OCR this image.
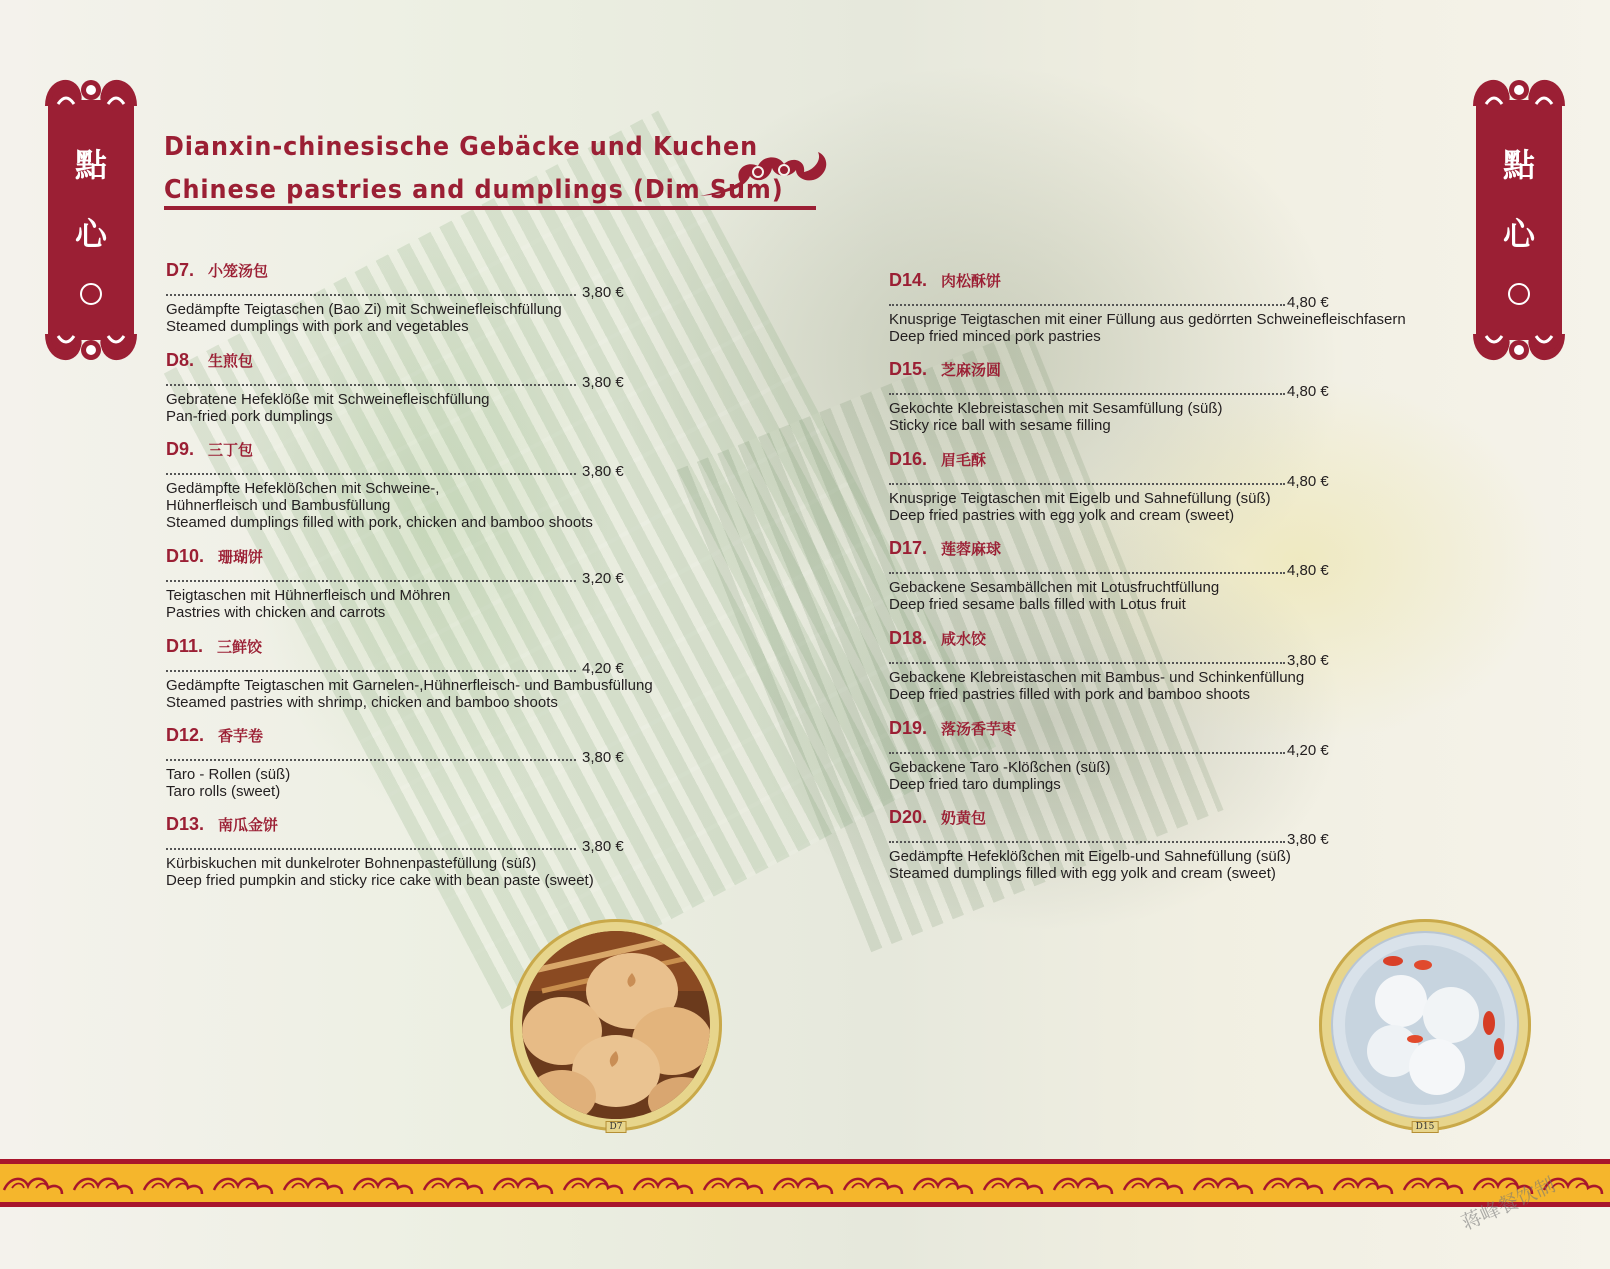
點
心
點
心
Dianxin-chinesische Gebäcke und Kuchen
Chinese pastries and dumplings (Dim Sum)
D7. 小笼汤包
3,80 €
Gedämpfte Teigtaschen (Bao Zi) mit Schweinefleischfüllung
Steamed dumplings with pork and vegetables
D8. 生煎包
3,80 €
Gebratene Hefeklöße mit Schweinefleischfüllung
Pan-fried pork dumplings
D9. 三丁包
3,80 €
Gedämpfte Hefeklößchen mit Schweine-,
Hühnerfleisch und Bambusfüllung
Steamed dumplings filled with pork, chicken and bamboo shoots
D10. 珊瑚饼
3,20 €
Teigtaschen mit Hühnerfleisch und Möhren
Pastries with chicken and carrots
D11. 三鲜饺
4,20 €
Gedämpfte Teigtaschen mit Garnelen-,Hühnerfleisch- und Bambusfüllung
Steamed pastries with shrimp, chicken and bamboo shoots
D12. 香芋卷
3,80 €
Taro - Rollen (süß)
Taro rolls (sweet)
D13. 南瓜金饼
3,80 €
Kürbiskuchen mit dunkelroter Bohnenpastefüllung (süß)
Deep fried pumpkin and sticky rice cake with bean paste (sweet)
D14. 肉松酥饼
4,80 €
Knusprige Teigtaschen mit einer Füllung aus gedörrten Schweinefleischfasern
Deep fried minced pork pastries
D15. 芝麻汤圆
4,80 €
Gekochte Klebreistaschen mit Sesamfüllung (süß)
Sticky rice ball with sesame filling
D16. 眉毛酥
4,80 €
Knusprige Teigtaschen mit Eigelb und Sahnefüllung (süß)
Deep fried pastries with egg yolk and cream (sweet)
D17. 莲蓉麻球
4,80 €
Gebackene Sesambällchen mit Lotusfruchtfüllung
Deep fried sesame balls filled with Lotus fruit
D18. 咸水饺
3,80 €
Gebackene Klebreistaschen mit Bambus- und Schinkenfüllung
Deep fried pastries filled with pork and bamboo shoots
D19. 落汤香芋枣
4,20 €
Gebackene Taro -Klößchen (süß)
Deep fried taro dumplings
D20. 奶黄包
3,80 €
Gedämpfte Hefeklößchen mit Eigelb-und Sahnefüllung (süß)
Steamed dumplings filled with egg yolk and cream (sweet)
D7	D15
蒋峰餐饮制
